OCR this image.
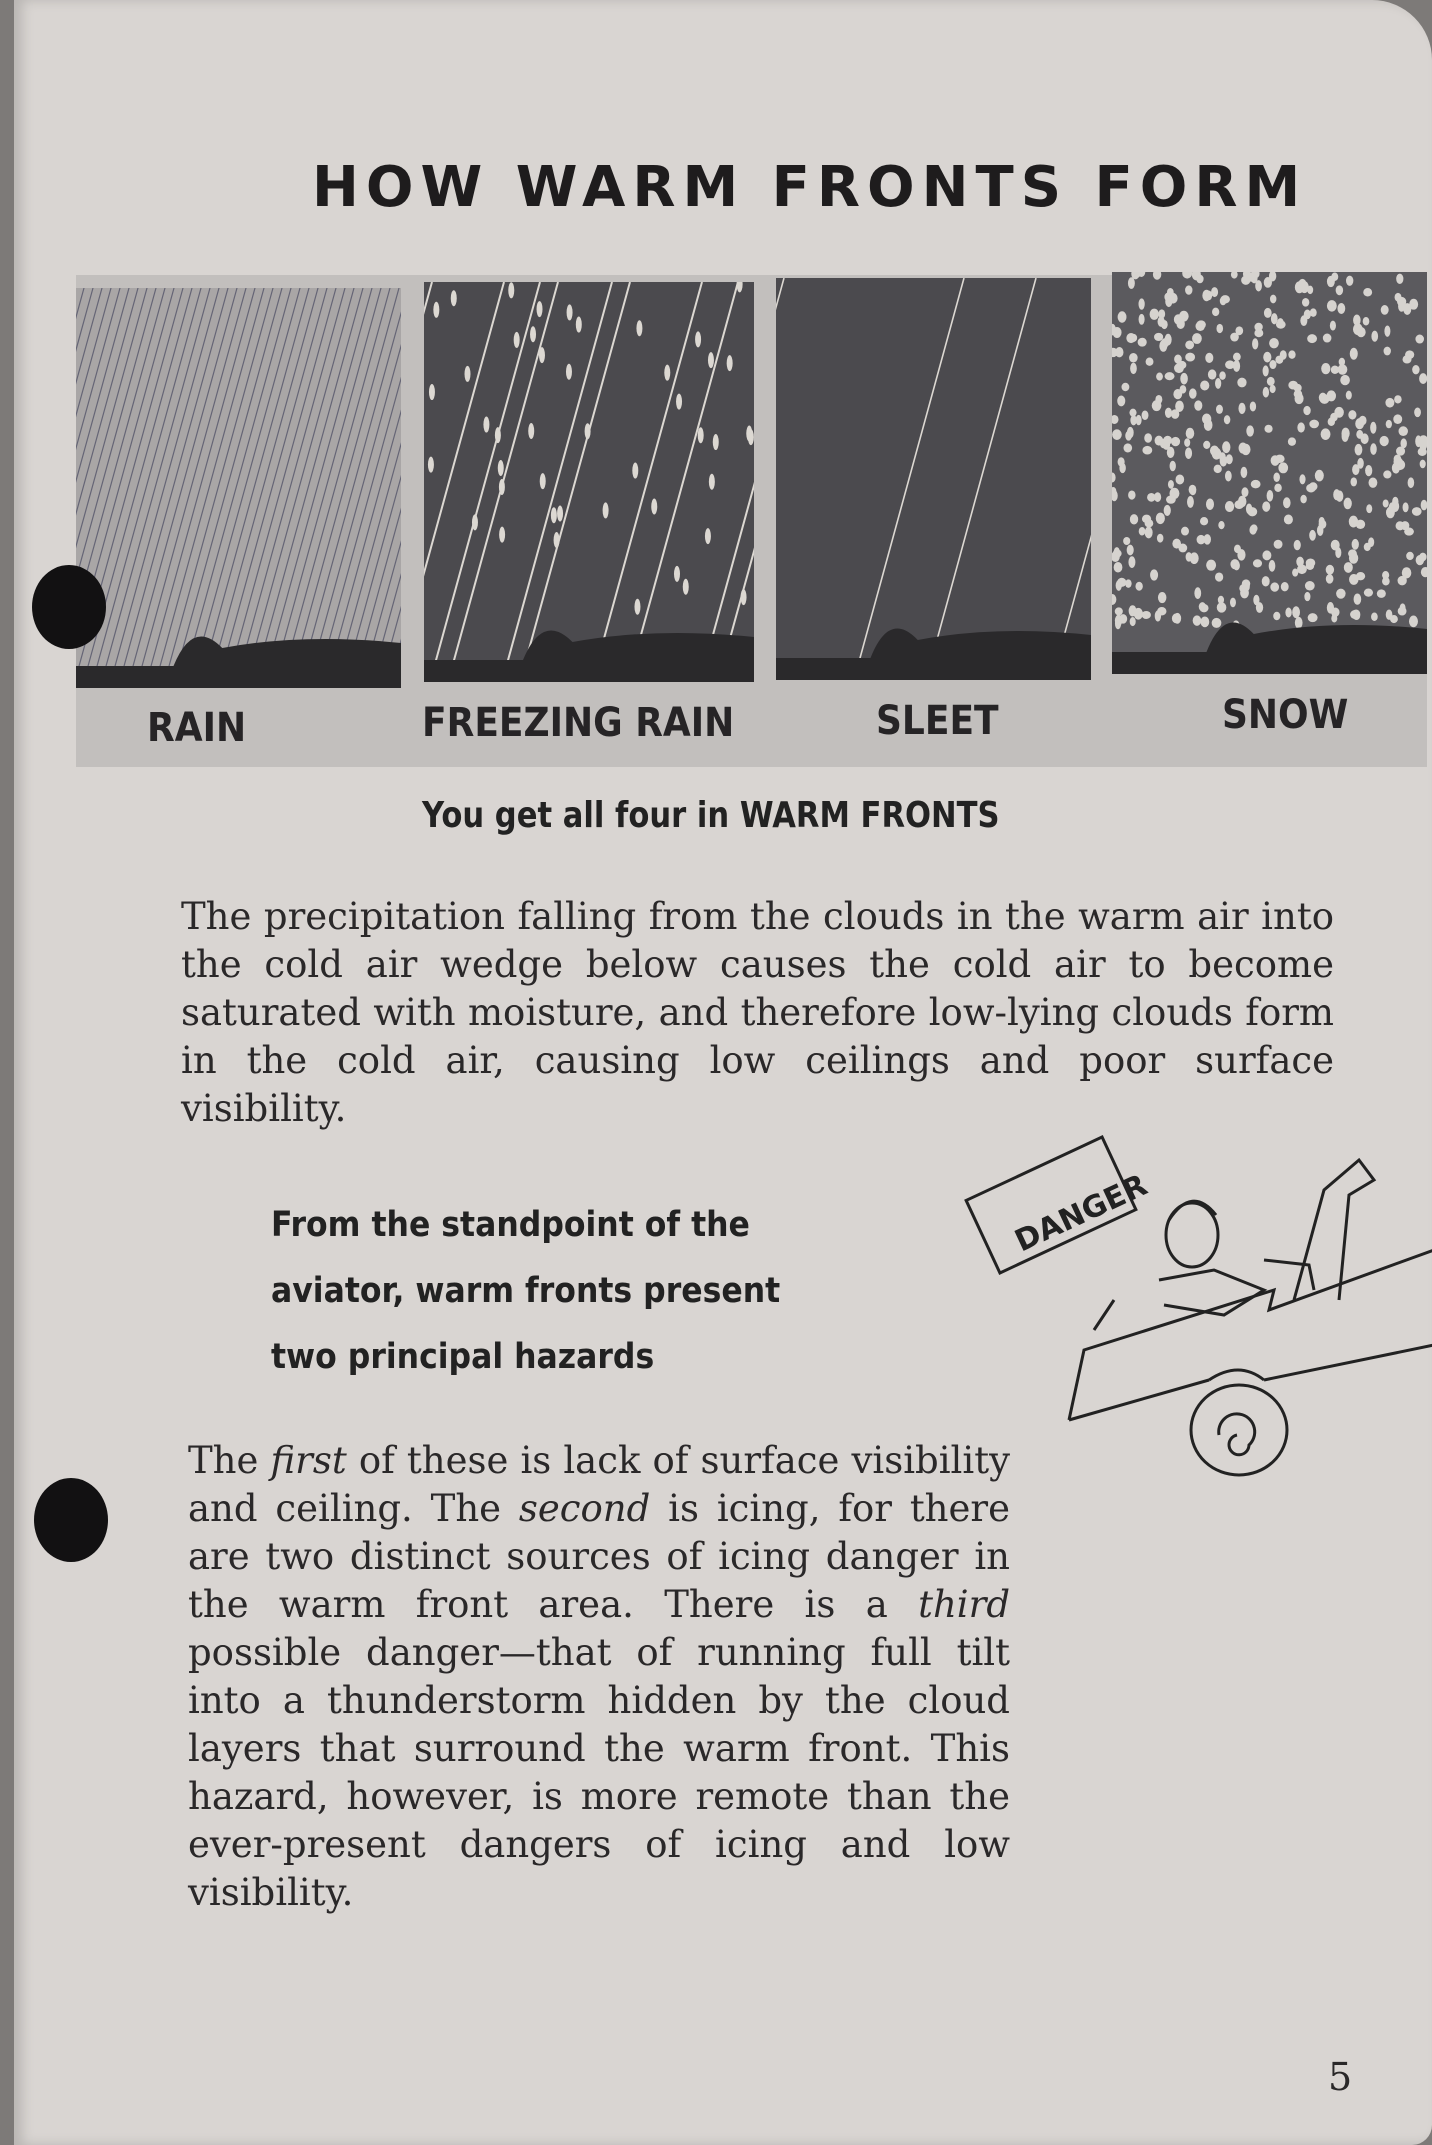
HOW WARM FRONTS FORM
RAIN	FREEZING RAIN	SLEET	SNOW
You get all four in WARM FRONTS
The precipitation falling from the clouds in the warm air into the cold air wedge below causes the cold air to become saturated with moisture, and therefore low-lying clouds form in the cold air, causing low ceilings and poor surface visibility.
From the standpoint of the
aviator, warm fronts present
two principal hazards
DANGER
The first of these is lack of surface visibility and ceiling. The second is icing, for there are two distinct sources of icing danger in the warm front area. There is a third possible danger—that of running full tilt into a thunderstorm hidden by the cloud layers that surround the warm front. This hazard, however, is more remote than the ever-present dangers of icing and low visibility.
5
